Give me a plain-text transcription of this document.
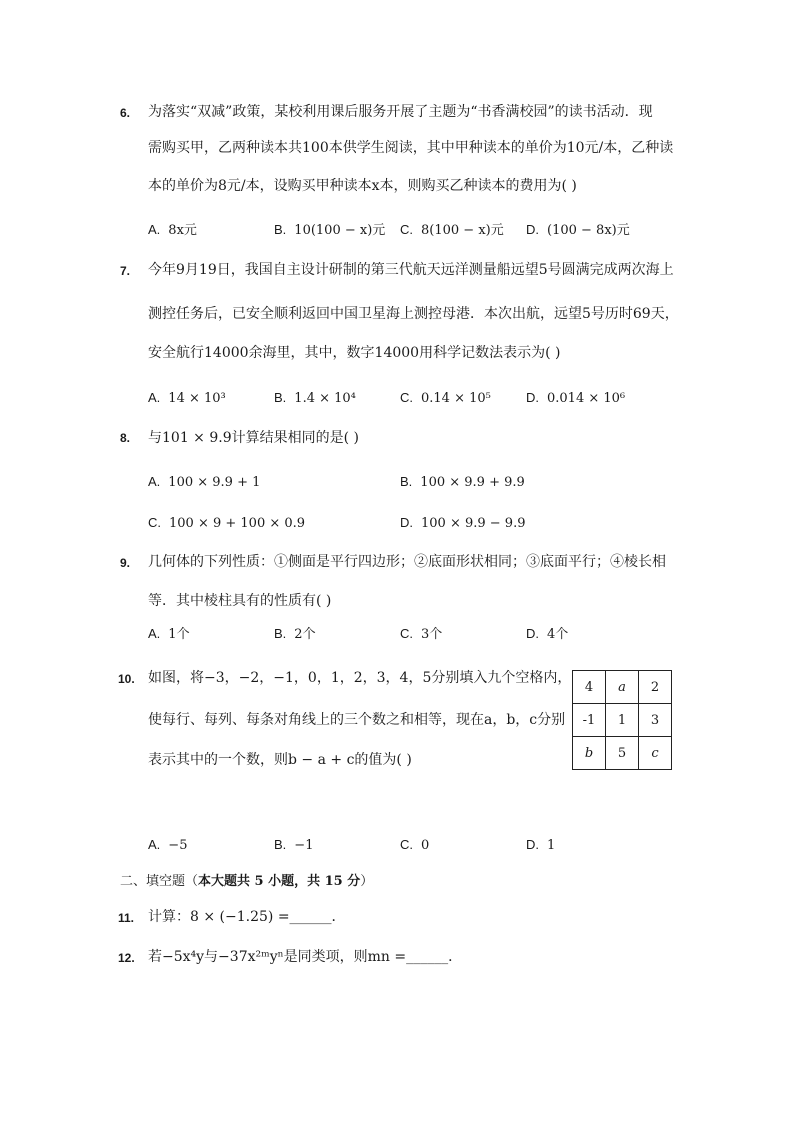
6. 为落实“双减”政策，某校利用课后服务开展了主题为“书香满校园”的读书活动．现
需购买甲，乙两种读本共100本供学生阅读，其中甲种读本的单价为10元/本，乙种读
本的单价为8元/本，设购买甲种读本x本，则购买乙种读本的费用为( )
A. 8x元	B. 10(100 − x)元 C. 8(100 − x)元 D. (100 − 8x)元
7. 今年9月19日，我国自主设计研制的第三代航天远洋测量船远望5号圆满完成两次海上
测控任务后，已安全顺利返回中国卫星海上测控母港．本次出航，远望5号历时69天，
安全航行14000余海里，其中，数字14000用科学记数法表示为( )
A. 14 × 10³	B. 1.4 × 10⁴	C. 0.14 × 10⁵	D. 0.014 × 10⁶
8. 与101 × 9.9计算结果相同的是( )
A. 100 × 9.9 + 1	B. 100 × 9.9 + 9.9
C. 100 × 9 + 100 × 0.9	D. 100 × 9.9 − 9.9
9. 几何体的下列性质：①侧面是平行四边形；②底面形状相同；③底面平行；④棱长相
等．其中棱柱具有的性质有( )
A. 1个	B. 2个	C. 3个	D. 4个
10. 如图，将−3，−2，−1，0，1，2，3，4，5分别填入九个空格内，
使每行、每列、每条对角线上的三个数之和相等，现在a，b，c分别
表示其中的一个数，则b − a + c的值为( )
4	a	2
-1	1	3
b	5	c
A. −5	B. −1	C. 0	D. 1
二、填空题（本大题共 5 小题，共 15 分）
11. 计算：8 × (−1.25) =______．
12. 若−5x⁴y与−37x²ᵐyⁿ是同类项，则mn =______．
